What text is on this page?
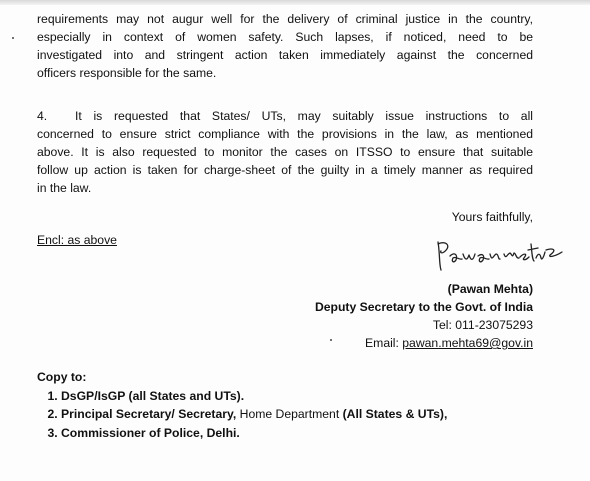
requirements may not augur well for the delivery of criminal justice in the country,
especially in context of women safety. Such lapses, if noticed, need to be
investigated into and stringent action taken immediately against the concerned
officers responsible for the same.
4. It is requested that States/ UTs, may suitably issue instructions to all
concerned to ensure strict compliance with the provisions in the law, as mentioned
above. It is also requested to monitor the cases on ITSSO to ensure that suitable
follow up action is taken for charge-sheet of the guilty in a timely manner as required
in the law.
Yours faithfully,
Encl: as above
(Pawan Mehta)
Deputy Secretary to the Govt. of India
Tel: 011-23075293
Email: pawan.mehta69@gov.in
Copy to:
1. DsGP/IsGP (all States and UTs).
2. Principal Secretary/ Secretary, Home Department (All States & UTs),
3. Commissioner of Police, Delhi.
